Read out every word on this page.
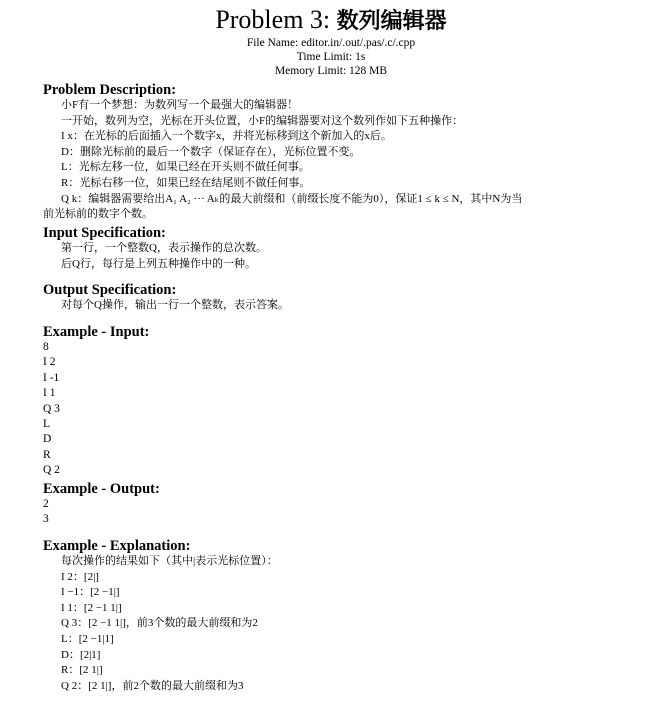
Problem 3: 数列编辑器

File Name: editor.in/.out/.pas/.c/.cpp

Time Limit: 1s

Memory Limit: 128 MB

Problem Description:

小F有一个梦想：为数列写一个最强大的编辑器！

一开始，数列为空，光标在开头位置，小F的编辑器要对这个数列作如下五种操作：

I x：在光标的后面插入一个数字x，并将光标移到这个新加入的x后。

D：删除光标前的最后一个数字（保证存在），光标位置不变。

L：光标左移一位，如果已经在开头则不做任何事。

R：光标右移一位，如果已经在结尾则不做任何事。

Q k：编辑器需要给出A₁ A₂ ··· Aₖ的最大前缀和（前缀长度不能为0），保证1 ≤ k ≤ N，其中N为当

前光标前的数字个数。

Input Specification:

第一行，一个整数Q，表示操作的总次数。

后Q行，每行是上列五种操作中的一种。

Output Specification:

对每个Q操作，输出一行一个整数，表示答案。

Example - Input:

8
I 2
I -1
I 1
Q 3
L
D
R
Q 2

Example - Output:

2
3

Example - Explanation:

每次操作的结果如下（其中|表示光标位置）：

I 2：[2|]

I −1：[2 −1|]

I 1：[2 −1 1|]

Q 3：[2 −1 1|]，前3个数的最大前缀和为2

L：[2 −1|1]

D：[2|1]

R：[2 1|]

Q 2：[2 1|]，前2个数的最大前缀和为3
